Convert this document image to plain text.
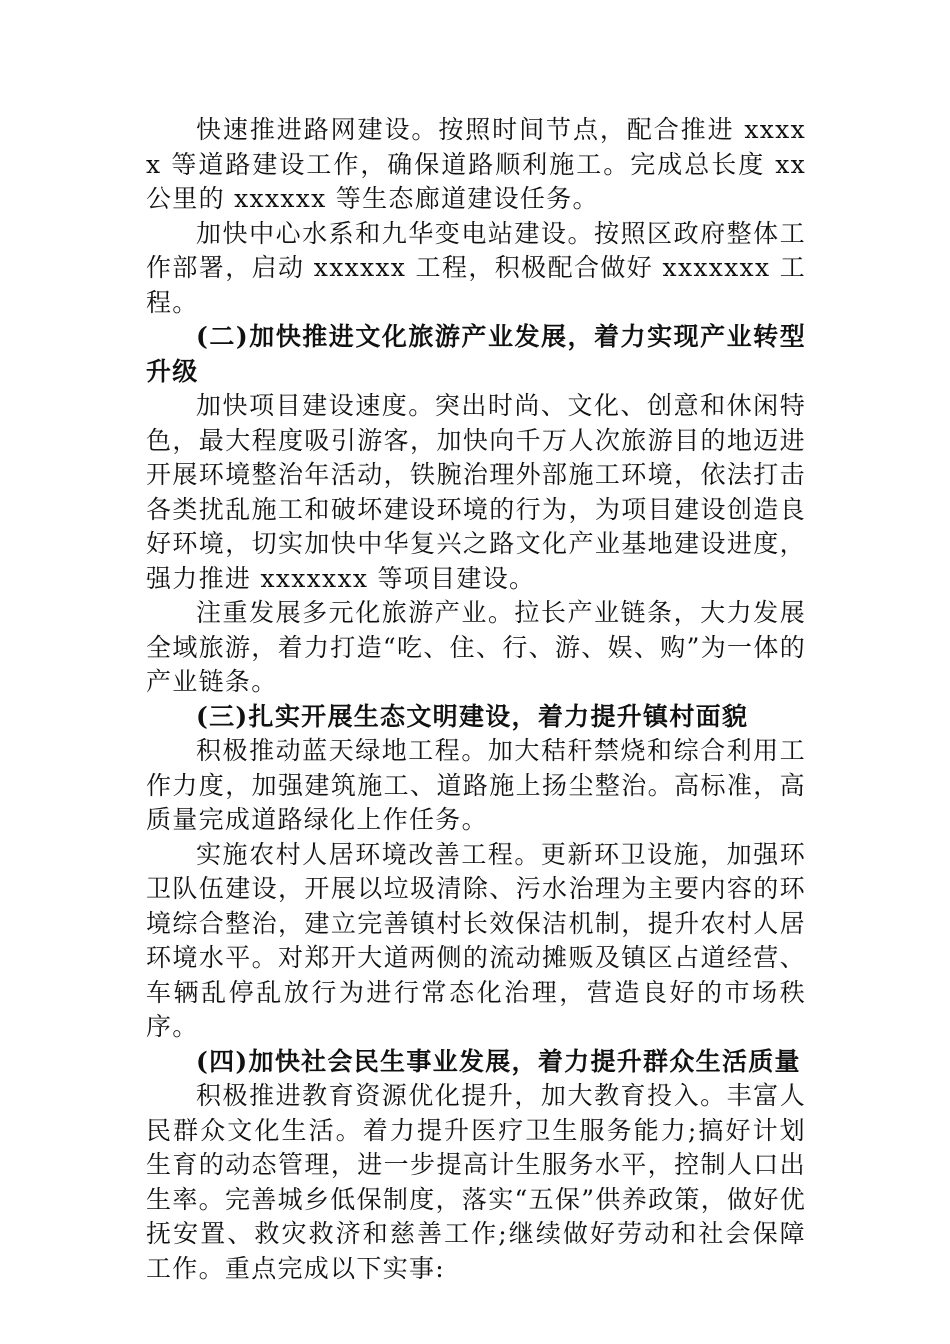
快速推进路网建设。按照时间节点，配合推进 xxxxx 等道路建设工作，确保道路顺利施工。完成总长度 xx 公里的 xxxxxx 等生态廊道建设任务。

加快中心水系和九华变电站建设。按照区政府整体工作部署，启动 xxxxxx 工程，积极配合做好 xxxxxxx 工程。

(二)加快推进文化旅游产业发展，着力实现产业转型升级

加快项目建设速度。突出时尚、文化、创意和休闲特色，最大程度吸引游客，加快向千万人次旅游目的地迈进开展环境整治年活动，铁腕治理外部施工环境，依法打击各类扰乱施工和破坏建设环境的行为，为项目建设创造良好环境，切实加快中华复兴之路文化产业基地建设进度，强力推进 xxxxxxx 等项目建设。

注重发展多元化旅游产业。拉长产业链条，大力发展全域旅游，着力打造“吃、住、行、游、娱、购”为一体的产业链条。

(三)扎实开展生态文明建设，着力提升镇村面貌

积极推动蓝天绿地工程。加大秸秆禁烧和综合利用工作力度，加强建筑施工、道路施上扬尘整治。高标准，高质量完成道路绿化上作任务。

实施农村人居环境改善工程。更新环卫设施，加强环卫队伍建设，开展以垃圾清除、污水治理为主要内容的环境综合整治，建立完善镇村长效保洁机制，提升农村人居环境水平。对郑开大道两侧的流动摊贩及镇区占道经营、车辆乱停乱放行为进行常态化治理，营造良好的市场秩序。

(四)加快社会民生事业发展，着力提升群众生活质量

积极推进教育资源优化提升，加大教育投入。丰富人民群众文化生活。着力提升医疗卫生服务能力;搞好计划生育的动态管理，进一步提高计生服务水平，控制人口出生率。完善城乡低保制度，落实“五保”供养政策，做好优抚安置、救灾救济和慈善工作;继续做好劳动和社会保障工作。重点完成以下实事:
